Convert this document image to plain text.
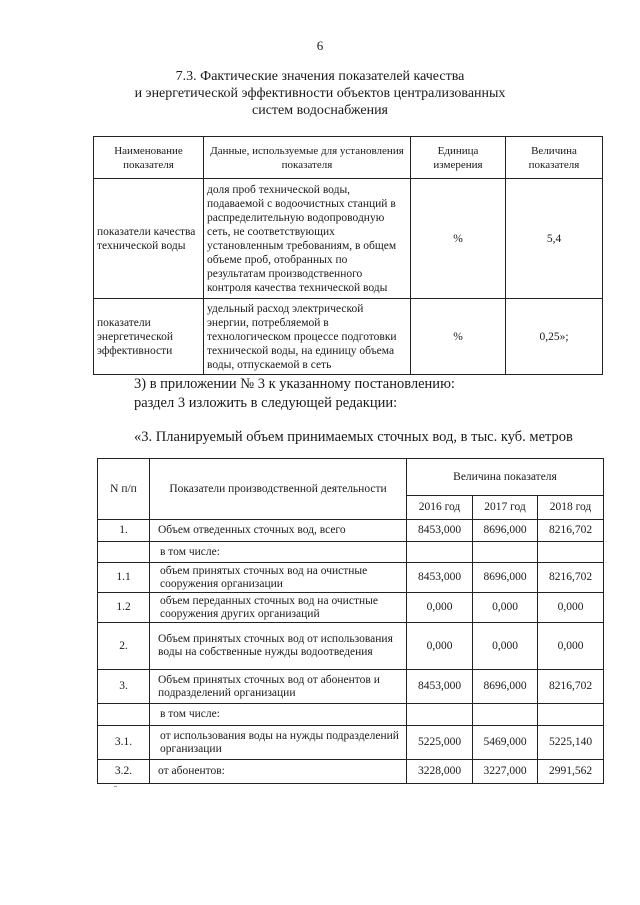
6
7.3. Фактические значения показателей качества
и энергетической эффективности объектов централизованных
систем водоснабжения
Наименование показателя	Данные, используемые для установления показателя	Единица измерения	Величина показателя
показатели качества технической воды	доля проб технической воды, подаваемой с водоочистных станций в распределительную водопроводную сеть, не соответствующих установленным требованиям, в общем объеме проб, отобранных по результатам производственного контроля качества технической воды	%	5,4
показатели энергетической эффективности	удельный расход электрической энергии, потребляемой в технологическом процессе подготовки технической воды, на единицу объема воды, отпускаемой в сеть	%	0,25»;
3) в приложении № 3 к указанному постановлению:
раздел 3 изложить в следующей редакции:
«3. Планируемый объем принимаемых сточных вод, в тыс. куб. метров
N п/п	Показатели производственной деятельности	Величина показателя		
		2016 год	2017 год	2018 год
1.	Объем отведенных сточных вод, всего	8453,000	8696,000	8216,702
	в том числе:			
1.1	объем принятых сточных вод на очистные сооружения организации	8453,000	8696,000	8216,702
1.2	объем переданных сточных вод на очистные сооружения других организаций	0,000	0,000	0,000
2.	Объем принятых сточных вод от использования воды на собственные нужды водоотведения	0,000	0,000	0,000
3.	Объем принятых сточных вод от абонентов и подразделений организации	8453,000	8696,000	8216,702
	в том числе:			
3.1.	от использования воды на нужды подразделений организации	5225,000	5469,000	5225,140
3.2.	от абонентов:	3228,000	3227,000	2991,562
